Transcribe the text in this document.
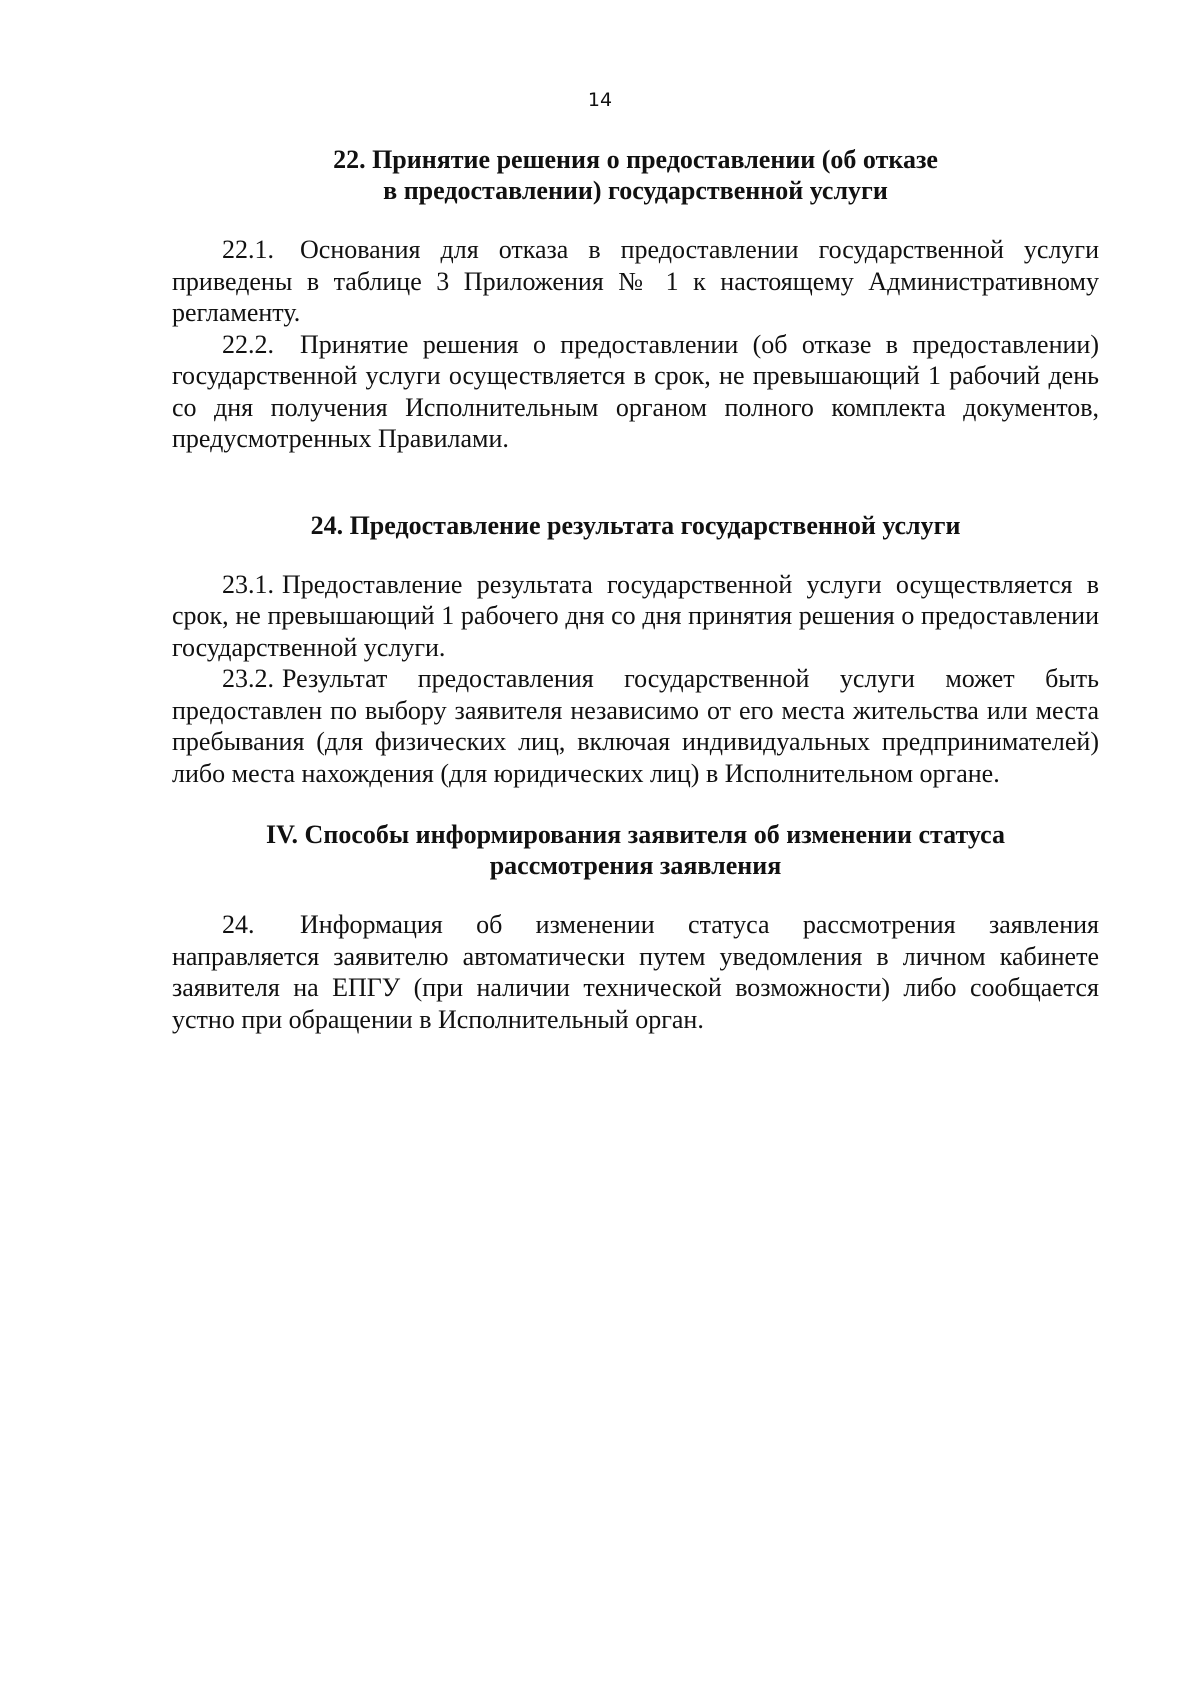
14
22. Принятие решения о предоставлении (об отказе
в предоставлении) государственной услуги

22.1. Основания для отказа в предоставлении государственной услуги приведены в таблице 3 Приложения № 1 к настоящему Административному регламенту.

22.2. Принятие решения о предоставлении (об отказе в предоставлении) государственной услуги осуществляется в срок, не превышающий 1 рабочий день со дня получения Исполнительным органом полного комплекта документов, предусмотренных Правилами.

24. Предоставление результата государственной услуги

23.1. Предоставление результата государственной услуги осуществляется в срок, не превышающий 1 рабочего дня со дня принятия решения о предоставлении государственной услуги.

23.2. Результат предоставления государственной услуги может быть предоставлен по выбору заявителя независимо от его места жительства или места пребывания (для физических лиц, включая индивидуальных предпринимателей) либо места нахождения (для юридических лиц) в Исполнительном органе.

IV. Способы информирования заявителя об изменении статуса
рассмотрения заявления

24. Информация об изменении статуса рассмотрения заявления направляется заявителю автоматически путем уведомления в личном кабинете заявителя на ЕПГУ (при наличии технической возможности) либо сообщается устно при обращении в Исполнительный орган.
